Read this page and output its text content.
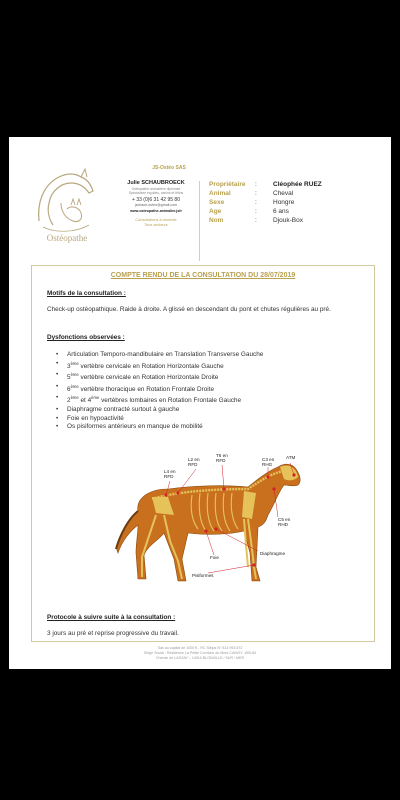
Ostéopathe
JS-Ostéo SAS
Julie SCHAUBROECK
Ostéopathe animalière diplômée
Spécialisée équidés, canins et félins
+ 33 (0)6 31 42 95 80
jschaub.osteo@gmail.com
www.osteopathe-animalier.jsfr
Consultations à domicile
Tous secteurs
Propriétaire	:	Cléophée RUEZ
Animal	:	Cheval
Sexe	:	Hongre
Age	:	6 ans
Nom	:	Djouk-Box
COMPTE RENDU DE LA CONSULTATION DU 28/07/2019
Motifs de la consultation :
Check-up ostéopathique. Raide à droite. A glissé en descendant du pont et chutes régulières au pré.
Dysfonctions observées :
• Articulation Temporo-mandibulaire en Translation Transverse Gauche
• 3ème vertèbre cervicale en Rotation Horizontale Gauche
• 5ème vertèbre cervicale en Rotation Horizontale Droite
• 6ème vertèbre thoracique en Rotation Frontale Droite
• 2ème et 4ème vertèbres lombaires en Rotation Frontale Gauche
• Diaphragme contracté surtout à gauche
• Foie en hypoactivité
• Os pisiformes antérieurs en manque de mobilité
L2 en
RFD
T6 en
RFD	C3 en
RHG
ATM
L4 en
RFD
C5 en
RHD
Diaphragme
Foie
Pisiformes
Protocole à suivre suite à la consultation :
3 jours au pré et reprise progressive du travail.
Sas au capital de 1000 € - RC Siéjus N° 814 993 672
Siège Social : Résidence La Petite Corniche du Mont CANISY -805-84
Chemin de LASSAY – 14910 BLONVILLE / SUR / MER
